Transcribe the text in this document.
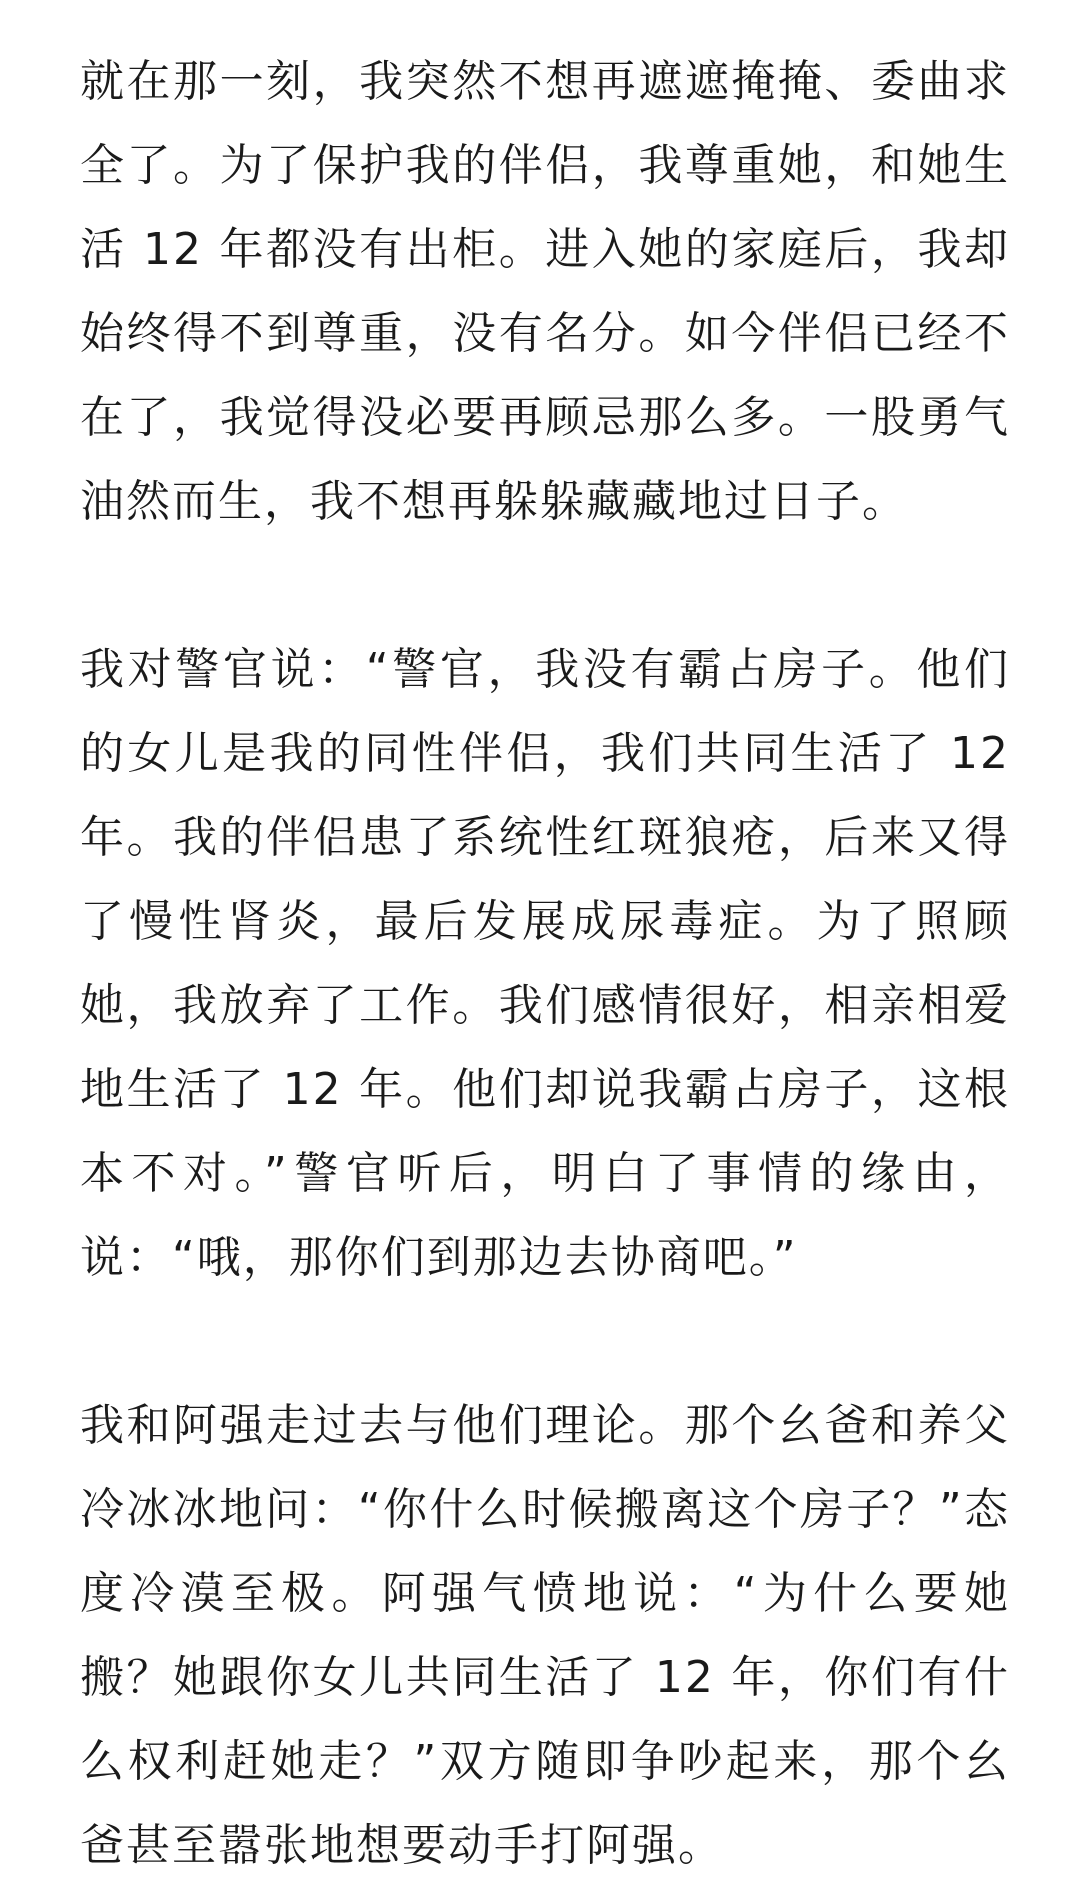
就在那一刻，我突然不想再遮遮掩掩、委曲求全了。为了保护我的伴侣，我尊重她，和她生活 12 年都没有出柜。进入她的家庭后，我却始终得不到尊重，没有名分。如今伴侣已经不在了，我觉得没必要再顾忌那么多。一股勇气油然而生，我不想再躲躲藏藏地过日子。

我对警官说：“警官，我没有霸占房子。他们的女儿是我的同性伴侣，我们共同生活了 12 年。我的伴侣患了系统性红斑狼疮，后来又得了慢性肾炎，最后发展成尿毒症。为了照顾她，我放弃了工作。我们感情很好，相亲相爱地生活了 12 年。他们却说我霸占房子，这根本不对。”警官听后，明白了事情的缘由，说：“哦，那你们到那边去协商吧。”

我和阿强走过去与他们理论。那个幺爸和养父冷冰冰地问：“你什么时候搬离这个房子？”态度冷漠至极。阿强气愤地说：“为什么要她搬？她跟你女儿共同生活了 12 年，你们有什么权利赶她走？”双方随即争吵起来，那个幺爸甚至嚣张地想要动手打阿强。
